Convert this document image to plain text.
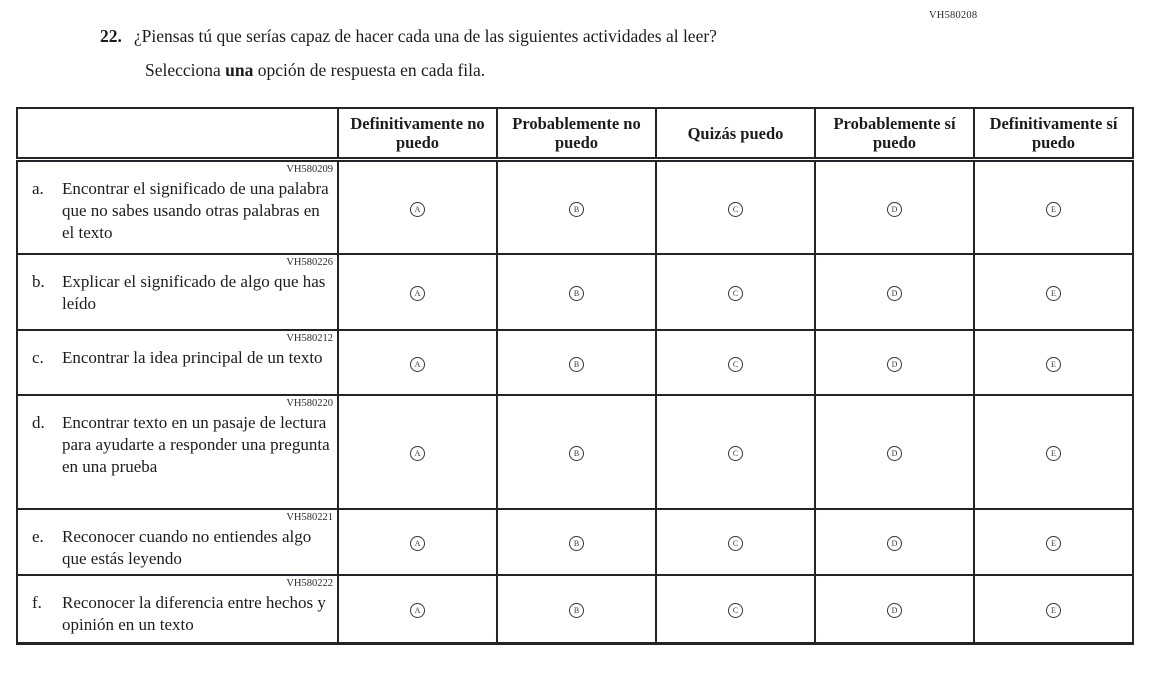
VH580208
22. ¿Piensas tú que serías capaz de hacer cada una de las siguientes actividades al leer?
Selecciona una opción de respuesta en cada fila.
	Definitivamente no puedo	Probablemente no puedo	Quizás puedo	Probablemente sí puedo	Definitivamente sí puedo

VH580209
a. Encontrar el significado de una palabra que no sabes usando otras palabras en el texto	A	B	C	D	E

VH580226
b. Explicar el significado de algo que has leído	A	B	C	D	E

VH580212
c. Encontrar la idea principal de un texto	A	B	C	D	E

VH580220
d. Encontrar texto en un pasaje de lectura para ayudarte a responder una pregunta en una prueba	A	B	C	D	E

VH580221
e. Reconocer cuando no entiendes algo que estás leyendo	A	B	C	D	E

VH580222
f. Reconocer la diferencia entre hechos y opinión en un texto	A	B	C	D	E
